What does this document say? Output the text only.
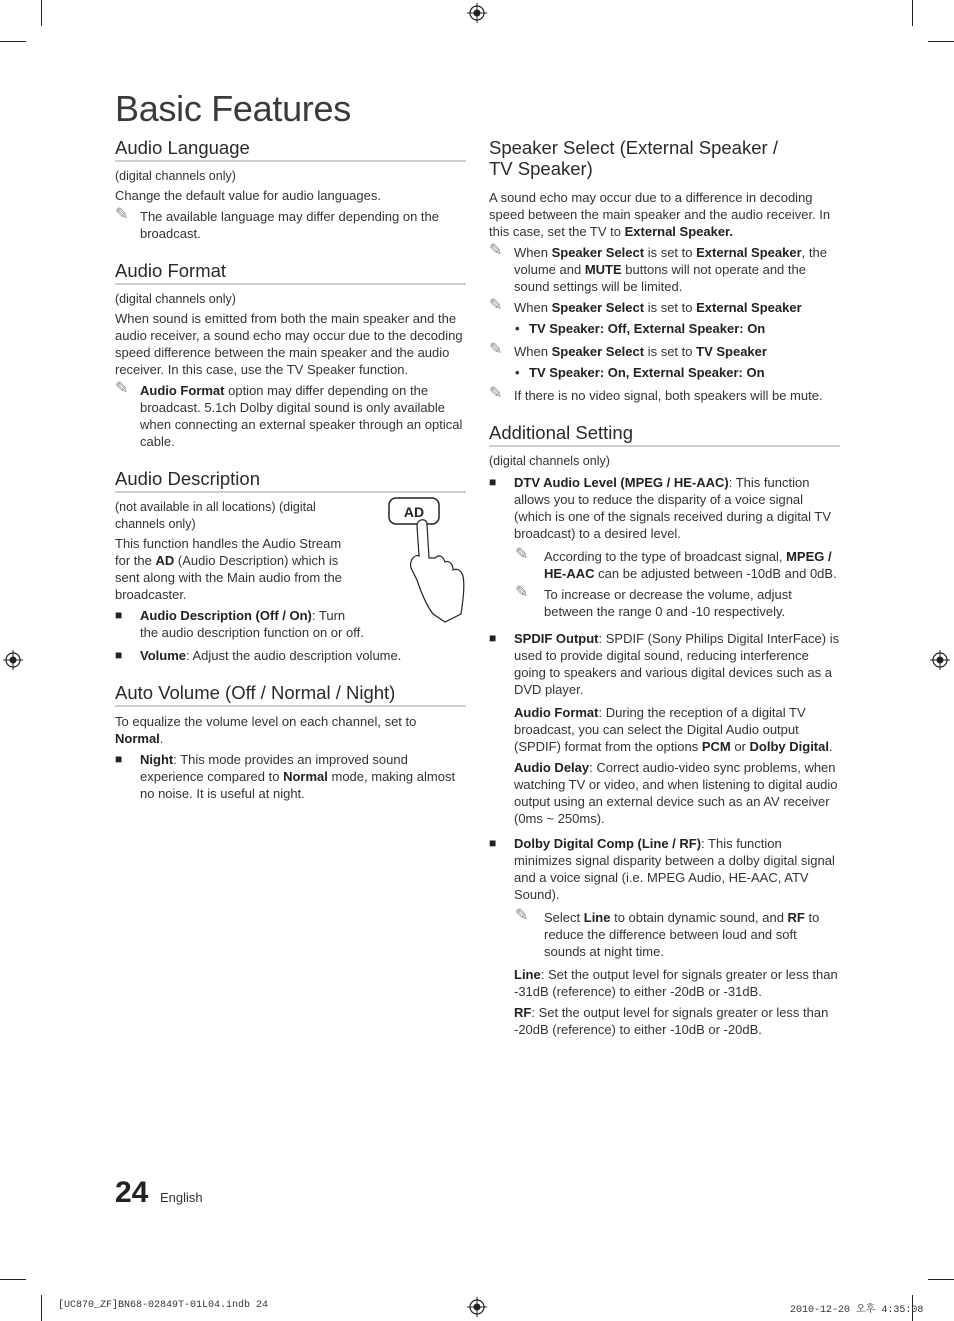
Basic Features
Audio Language

(digital channels only)

Change the default value for audio languages.

✎ The available language may differ depending on the broadcast.
Audio Format

(digital channels only)

When sound is emitted from both the main speaker and the audio receiver, a sound echo may occur due to the decoding speed difference between the main speaker and the audio receiver. In this case, use the TV Speaker function.

✎ Audio Format option may differ depending on the broadcast. 5.1ch Dolby digital sound is only available when connecting an external speaker through an optical cable.
Audio Description

(not available in all locations) (digital channels only)

This function handles the Audio Stream for the AD (Audio Description) which is sent along with the Main audio from the broadcaster.

■ Audio Description (Off / On): Turn the audio description function on or off.
■ Volume: Adjust the audio description volume.
AD
Auto Volume (Off / Normal / Night)

To equalize the volume level on each channel, set to Normal.

■ Night: This mode provides an improved sound experience compared to Normal mode, making almost no noise. It is useful at night.
Speaker Select (External Speaker /
TV Speaker)

A sound echo may occur due to a difference in decoding speed between the main speaker and the audio receiver. In this case, set the TV to External Speaker.

✎ When Speaker Select is set to External Speaker, the volume and MUTE buttons will not operate and the sound settings will be limited.
✎ When Speaker Select is set to External Speaker
• TV Speaker: Off, External Speaker: On
✎ When Speaker Select is set to TV Speaker
• TV Speaker: On, External Speaker: On
✎ If there is no video signal, both speakers will be mute.
Additional Setting

(digital channels only)

■ DTV Audio Level (MPEG / HE-AAC): This function allows you to reduce the disparity of a voice signal (which is one of the signals received during a digital TV broadcast) to a desired level.
✎ According to the type of broadcast signal, MPEG / HE-AAC can be adjusted between -10dB and 0dB.
✎ To increase or decrease the volume, adjust between the range 0 and -10 respectively.
■ SPDIF Output: SPDIF (Sony Philips Digital InterFace) is used to provide digital sound, reducing interference going to speakers and various digital devices such as a DVD player.
Audio Format: During the reception of a digital TV broadcast, you can select the Digital Audio output (SPDIF) format from the options PCM or Dolby Digital.
Audio Delay: Correct audio-video sync problems, when watching TV or video, and when listening to digital audio output using an external device such as an AV receiver (0ms ~ 250ms).
■ Dolby Digital Comp (Line / RF): This function minimizes signal disparity between a dolby digital signal and a voice signal (i.e. MPEG Audio, HE-AAC, ATV Sound).
✎ Select Line to obtain dynamic sound, and RF to reduce the difference between loud and soft sounds at night time.
Line: Set the output level for signals greater or less than -31dB (reference) to either -20dB or -31dB.
RF: Set the output level for signals greater or less than -20dB (reference) to either -10dB or -20dB.
24 English
[UC870_ZF]BN68-02849T-01L04.indb 24	2010-12-20 오후 4:35:08
